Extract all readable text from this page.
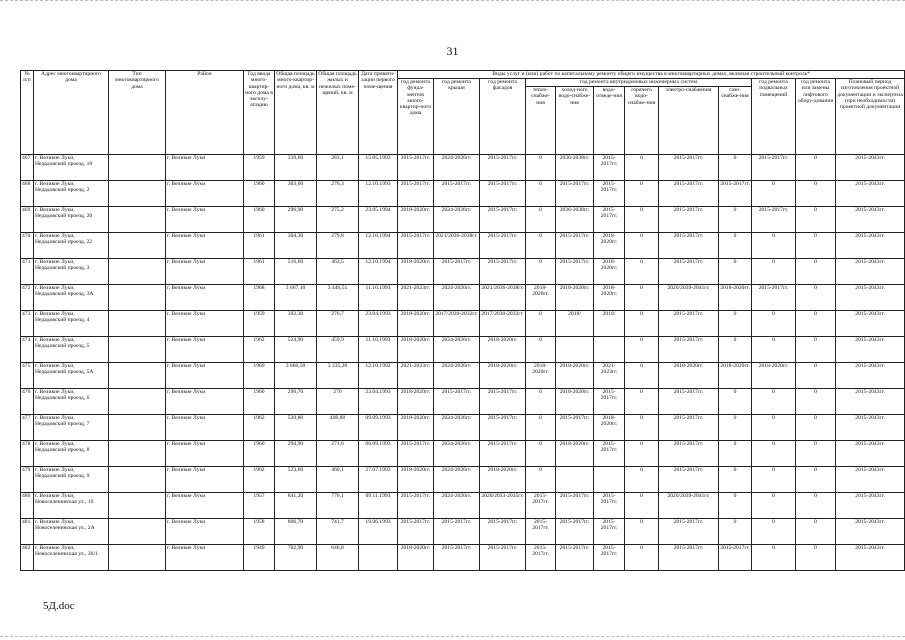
31
№ п/п	Адрес многоквартирного дома	Тип многоквартирного дома	Район	Год ввода много-квартир-ного дома в эксплу-атацию	Общая площадь много-квартир-ного дома, кв. м	Общая площадь жилых и нежилых поме-щений, кв. м	Дата привати-зации первого поме-щения	Виды услуг и (или) работ по капитальному ремонту общего имущества в многоквартирных домах, включая строительный контроль*											
								год ремонта фунда-ментов много-квартир-ного дома	год ремонта крыши	год ремонта фасадов	год ремонта внутридомовых инженерных систем						год ремонта подвальных помещений	год ремонта или замены лифтового обору-дования	Плановый период изготовления проектной документации и экспертиза (при необходимости) проектной документации
											тепло-снабже-ния	холод-ного водо-снабже-ния	водо-отведе-ния	горячего водо-снабже-ния	электро-снабжения	газо-снабже-ния			
467	г. Великие Луки, Недадовский проезд, 18		г. Великие Луки	1959	310,60	283,1	15.05.1993	2015-2017гг.	2024-2026гг.	2015-2017гг.	0	2036-2038гг.	2015-2017гг.	0	2015-2017гг.	0	2015-2017гг.	0	2015-2043гг.
468	г. Великие Луки, Недадовский проезд, 2		г. Великие Луки	1960	303,60	276,3	12.10.1993	2015-2017гг.	2015-2017гг.	2015-2017гг.	0	2015-2017гг.	2015-2017гг.	0	2015-2017гг.	2015-2017гг.	0	0	2015-2043гг.
469	г. Великие Луки, Недадовский проезд, 20		г. Великие Луки	1960	296,90	275,2	23.05.1994	2018-2020гг.	2024-2026гг.	2015-2017гг.	0	2036-2038гг.	2015-2017гг.	0	2015-2017гг.	0	2015-2017гг.	0	2015-2043гг.
470	г. Великие Луки, Недадовский проезд, 22		г. Великие Луки	1961	304,30	279,8	12.10.1994	2015-2017гг.	2021/2036-2038гг.	2015-2017гг.	0	2015-2017гг.	2018-2020гг.	0	2015-2017гг.	0	0	0	2015-2043гг.
471	г. Великие Луки, Недадовский проезд, 3		г. Великие Луки	1961	516,60	463,5	12.10.1994	2018-2020гг.	2015-2017гг.	2015-2017гг.	0	2015-2017гг.	2018-2020гг.	0	2015-2017гг.	0	0	0	2015-2043гг.
472	г. Великие Луки, Недадовский проезд, 3А		г. Великие Луки	1968	3 667,10	3 446,51	11.10.1993	2021-2023гг.	2024-2026гг.	2021/2036-2038гг.	2018-2020гг.	2018-2020гг.	2018-2020гг.	0	2020/2039-2041гг.	2018-2020гг.	2015-2017гг.	0	2015-2043гг.
473	г. Великие Луки, Недадовский проезд, 4		г. Великие Луки	1959	302,30	276,7	23.04.1993	2018-2020гг.	2017/2030-2032гг.	2017/2030-2032гг.	0	2018/	2018/	0	2015-2017гг.	0	0	0	2015-2043гг.
474	г. Великие Луки, Недадовский проезд, 5		г. Великие Луки	1962	524,90	459,9	11.10.1993	2018-2020гг.	2024-2026гг.	2018-2020гг.	0			0	2015-2017гг.	0	0	0	2015-2043гг.
475	г. Великие Луки, Недадовский проезд, 5А		г. Великие Луки	1969	3 660,50	3 335,20	12.10.1992	2021-2023гг.	2024-2026гг.	2018-2020гг.	2018-2020гг.	2018-2020гг.	2021-2023гг.	0	2018-2020гг.	2018-2020гг.	2018-2020гг.	0	2015-2043гг.
476	г. Великие Луки, Недадовский проезд, 6		г. Великие Луки	1960	296,70	270	23.04.1993	2018-2020гг.	2015-2017гг.	2015-2017гг.	0	2018-2020гг.	2015-2017гг.	0	2015-2017гг.	0	0	0	2015-2043гг.
477	г. Великие Луки, Недадовский проезд, 7		г. Великие Луки	1962	520,80	408,88	09.09.1993	2018-2020гг.	2024-2026гг.	2015-2017гг.	0	2015-2017гг.	2018-2020гг.	0	2015-2017гг.	0	0	0	2015-2043гг.
478	г. Великие Луки, Недадовский проезд, 8		г. Великие Луки	1960	294,90	271,6	06.09.1993	2015-2017гг.	2024-2026гг.	2015-2017гг.	0	2018-2020гг.	2015-2017гг.	0	2015-2017гг.	0	0	0	2015-2043гг.
479	г. Великие Луки, Недадовский проезд, 9		г. Великие Луки	1962	523,60	460,1	27.07.1993	2018-2020гг.	2024-2026гг.	2018-2020гг.	0			0	2015-2017гг.	0	0	0	2015-2043гг.
480	г. Великие Луки, Новоселенинская ул., 10		г. Великие Луки	1957	841,20	776,1	09.11.1993	2015-2017гг.	2024-2026гг.	2020/2033-2035гг.	2015-2017гг.	2015-2017гг.	2015-2017гг.	0	2020/2039-2041гг.	0	0	0	2015-2043гг.
481	г. Великие Луки, Новоселенинская ул., 2А		г. Великие Луки	1958	806,70	741,7	19.06.1993	2015-2017гг.	2015-2017гг.	2015-2017гг.	2015-2017гг.	2015-2017гг.	2015-2017гг.	0	2015-2017гг.	0	0	0	2015-2043гг.
482	г. Великие Луки, Новоселенинская ул., 30/1		г. Великие Луки	1949	702,90	646,8		2018-2020гг.	2015-2017гг.	2015-2017гг.	2015-2017гг.	2015-2017гг.	2015-2017гг.	0	2015-2017гг.	2015-2017гг.	0	0	2015-2043гг.
5Д.doc
